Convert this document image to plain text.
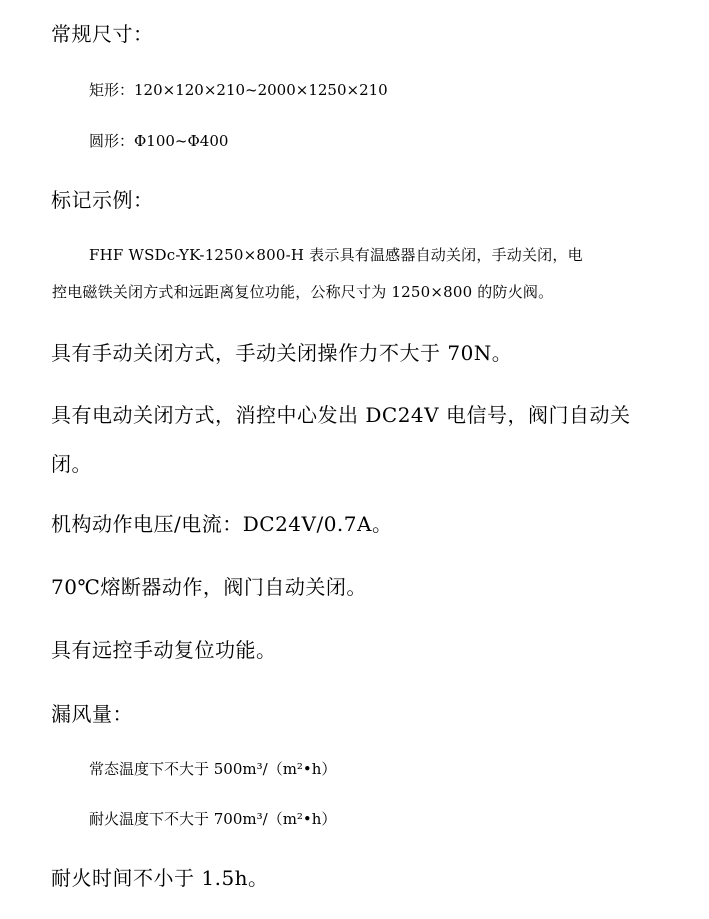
常规尺寸：
矩形：120×120×210~2000×1250×210
圆形：Φ100~Φ400
标记示例：
FHF WSDc-YK-1250×800-H 表示具有温感器自动关闭，手动关闭，电
控电磁铁关闭方式和远距离复位功能，公称尺寸为 1250×800 的防火阀。
具有手动关闭方式，手动关闭操作力不大于 70N。
具有电动关闭方式，消控中心发出 DC24V 电信号，阀门自动关
闭。
机构动作电压/电流：DC24V/0.7A。
70℃熔断器动作，阀门自动关闭。
具有远控手动复位功能。
漏风量：
常态温度下不大于 500m³/（m²•h）
耐火温度下不大于 700m³/（m²•h）
耐火时间不小于 1.5h。
